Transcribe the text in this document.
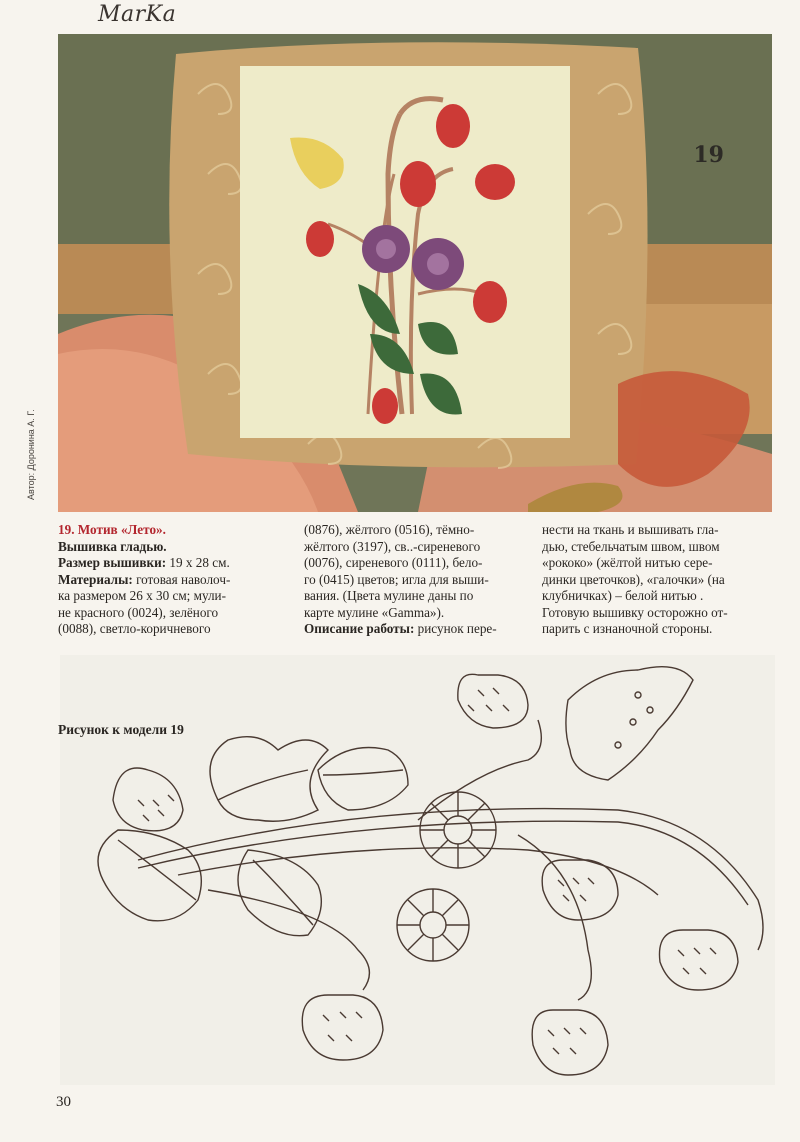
MarKa
19
Автор: Доронина А. Г.
19. Мотив «Лето».
Вышивка гладью.
Размер вышивки: 19 х 28 см.
Материалы: готовая наволоч-
ка размером 26 х 30 см; мули-
не красного (0024), зелёного
(0088), светло-коричневого
(0876), жёлтого (0516), тёмно-
жёлтого (3197), св..-сиреневого
(0076), сиреневого (0111), бело-
го (0415) цветов; игла для выши-
вания. (Цвета мулине даны по
карте мулине «Gamma»).
Описание работы: рисунок пере-
нести на ткань и вышивать гла-
дью, стебельчатым швом, швом
«рококо» (жёлтой нитью сере-
динки цветочков), «галочки» (на
клубничках) – белой нитью .
Готовую вышивку осторожно от-
парить с изнаночной стороны.
Рисунок к модели 19
30
